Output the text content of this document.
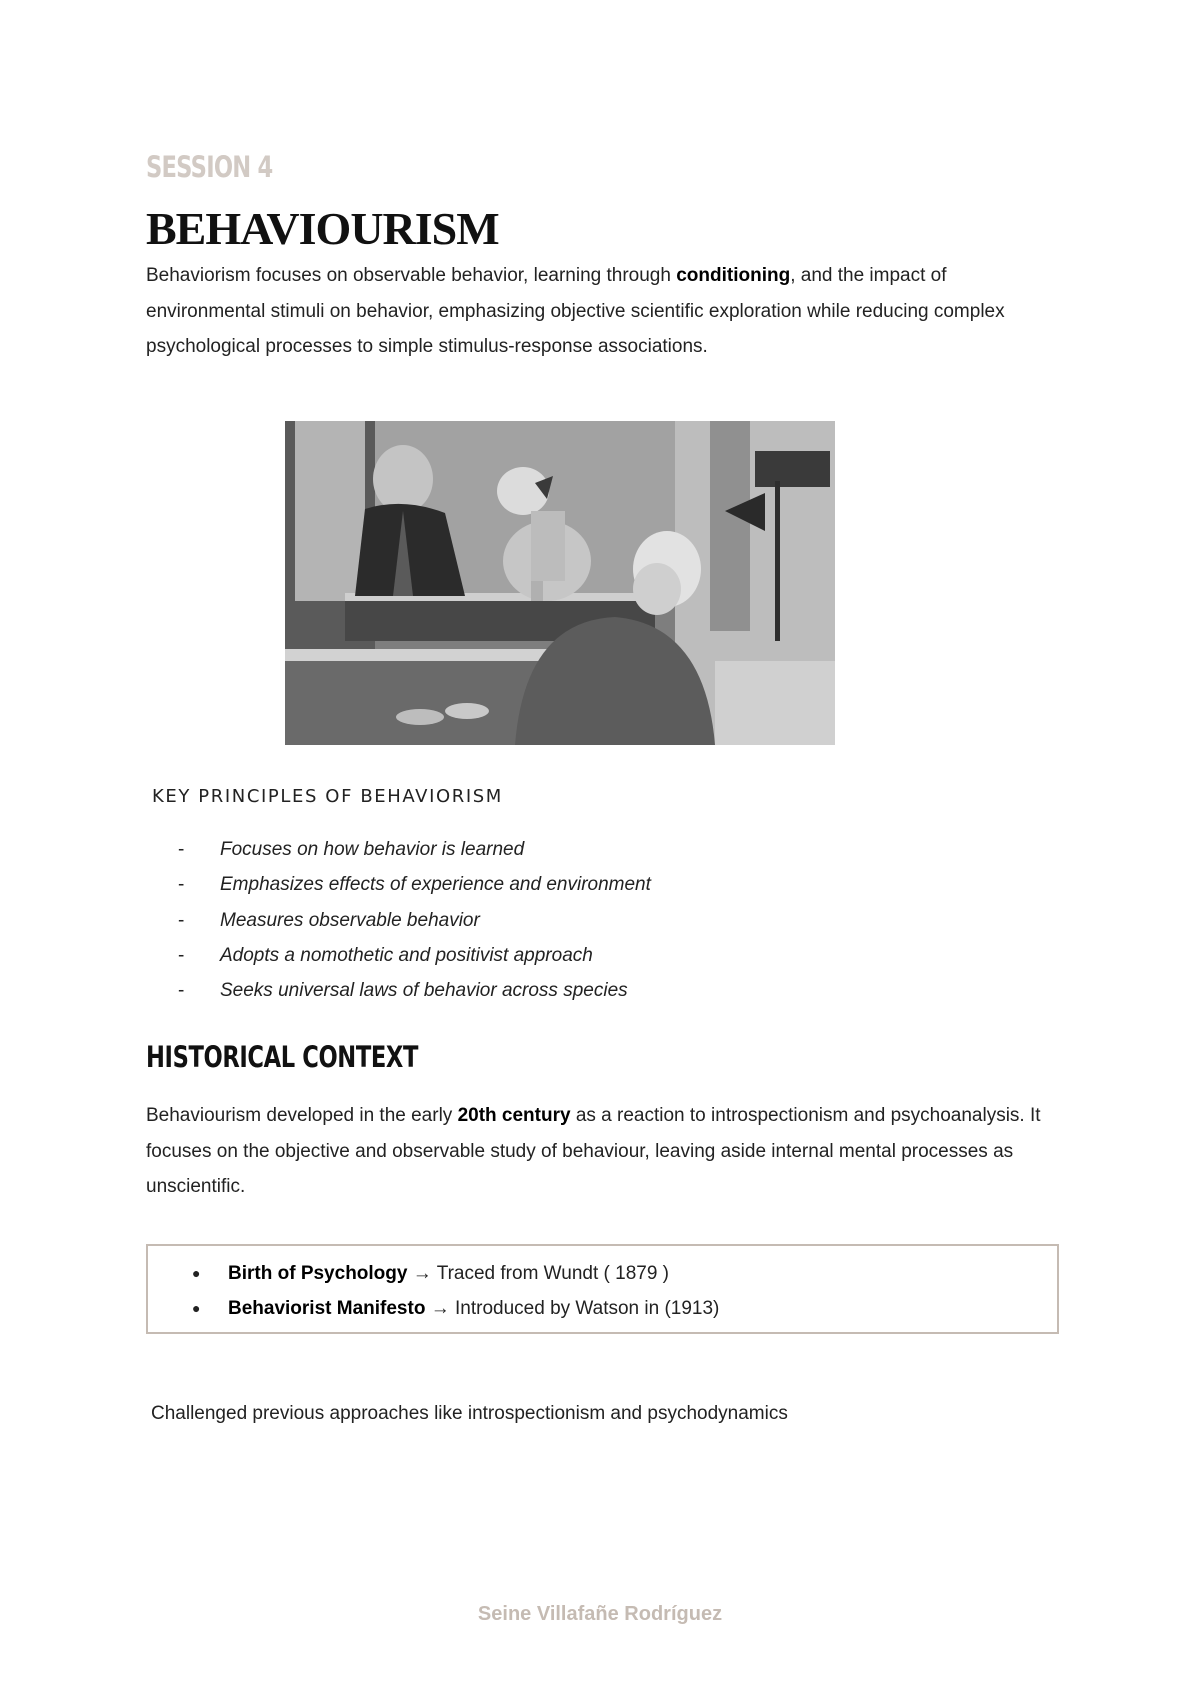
SESSION 4
BEHAVIOURISM

Behaviorism focuses on observable behavior, learning through conditioning, and the impact of environmental stimuli on behavior, emphasizing objective scientific exploration while reducing complex psychological processes to simple stimulus-response associations.

KEY PRINCIPLES OF BEHAVIORISM
- Focuses on how behavior is learned
- Emphasizes effects of experience and environment
- Measures observable behavior
- Adopts a nomothetic and positivist approach
- Seeks universal laws of behavior across species
HISTORICAL CONTEXT

Behaviourism developed in the early 20th century as a reaction to introspectionism and psychoanalysis. It focuses on the objective and observable study of behaviour, leaving aside internal mental processes as unscientific.

● Birth of Psychology → Traced from Wundt ( 1879 )
● Behaviorist Manifesto → Introduced by Watson in (1913)

Challenged previous approaches like introspectionism and psychodynamics

Seine Villafañe Rodríguez
